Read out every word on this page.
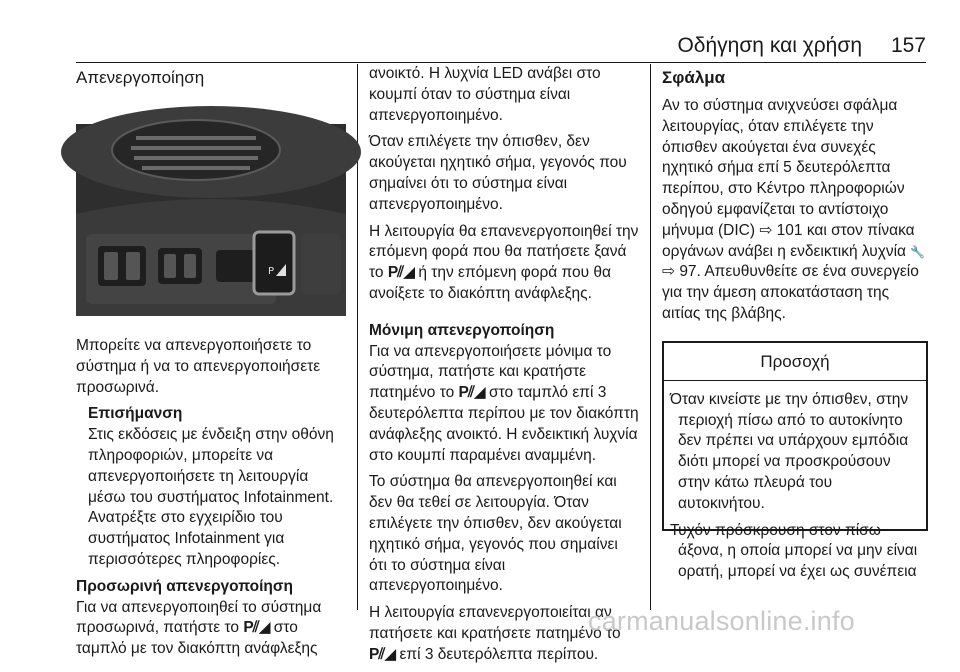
Οδήγηση και χρήση 157
Απενεργοποίηση
P
Μπορείτε να απενεργοποιήσετε το σύστημα ή να το απενεργοποιήσετε προσωρινά.
Επισήμανση
Στις εκδόσεις με ένδειξη στην οθόνη πληροφοριών, μπορείτε να απενεργοποιήσετε τη λειτουργία μέσω του συστήματος Infotainment. Ανατρέξτε στο εγχειρίδιο του συστήματος Infotainment για περισσότερες πληροφορίες.
Προσωρινή απενεργοποίηση
Για να απενεργοποιηθεί το σύστημα προσωρινά, πατήστε το P⫽◢ στο ταμπλό με τον διακόπτη ανάφλεξης
ανοικτό. Η λυχνία LED ανάβει στο κουμπί όταν το σύστημα είναι απενεργοποιημένο.
Όταν επιλέγετε την όπισθεν, δεν ακούγεται ηχητικό σήμα, γεγονός που σημαίνει ότι το σύστημα είναι απενεργοποιημένο.
Η λειτουργία θα επανενεργοποιηθεί την επόμενη φορά που θα πατήσετε ξανά το P⫽◢ ή την επόμενη φορά που θα ανοίξετε το διακόπτη ανάφλεξης.
Μόνιμη απενεργοποίηση
Για να απενεργοποιήσετε μόνιμα το σύστημα, πατήστε και κρατήστε πατημένο το P⫽◢ στο ταμπλό επί 3 δευτερόλεπτα περίπου με τον διακόπτη ανάφλεξης ανοικτό. Η ενδεικτική λυχνία στο κουμπί παραμένει αναμμένη.
Το σύστημα θα απενεργοποιηθεί και δεν θα τεθεί σε λειτουργία. Όταν επιλέγετε την όπισθεν, δεν ακούγεται ηχητικό σήμα, γεγονός που σημαίνει ότι το σύστημα είναι απενεργοποιημένο.
Η λειτουργία επανενεργοποιείται αν πατήσετε και κρατήσετε πατημένο το P⫽◢ επί 3 δευτερόλεπτα περίπου.
Σφάλμα
Αν το σύστημα ανιχνεύσει σφάλμα λειτουργίας, όταν επιλέγετε την όπισθεν ακούγεται ένα συνεχές ηχητικό σήμα επί 5 δευτερόλεπτα περίπου, στο Κέντρο πληροφοριών οδηγού εμφανίζεται το αντίστοιχο μήνυμα (DIC) ⇨ 101 και στον πίνακα οργάνων ανάβει η ενδεικτική λυχνία 🔧 ⇨ 97. Απευθυνθείτε σε ένα συνεργείο για την άμεση αποκατάσταση της αιτίας της βλάβης.
Προσοχή
Όταν κινείστε με την όπισθεν, στην περιοχή πίσω από το αυτοκίνητο δεν πρέπει να υπάρχουν εμπόδια διότι μπορεί να προσκρούσουν στην κάτω πλευρά του αυτοκινήτου.
Τυχόν πρόσκρουση στον πίσω άξονα, η οποία μπορεί να μην είναι ορατή, μπορεί να έχει ως συνέπεια
carmanualsonline.info
